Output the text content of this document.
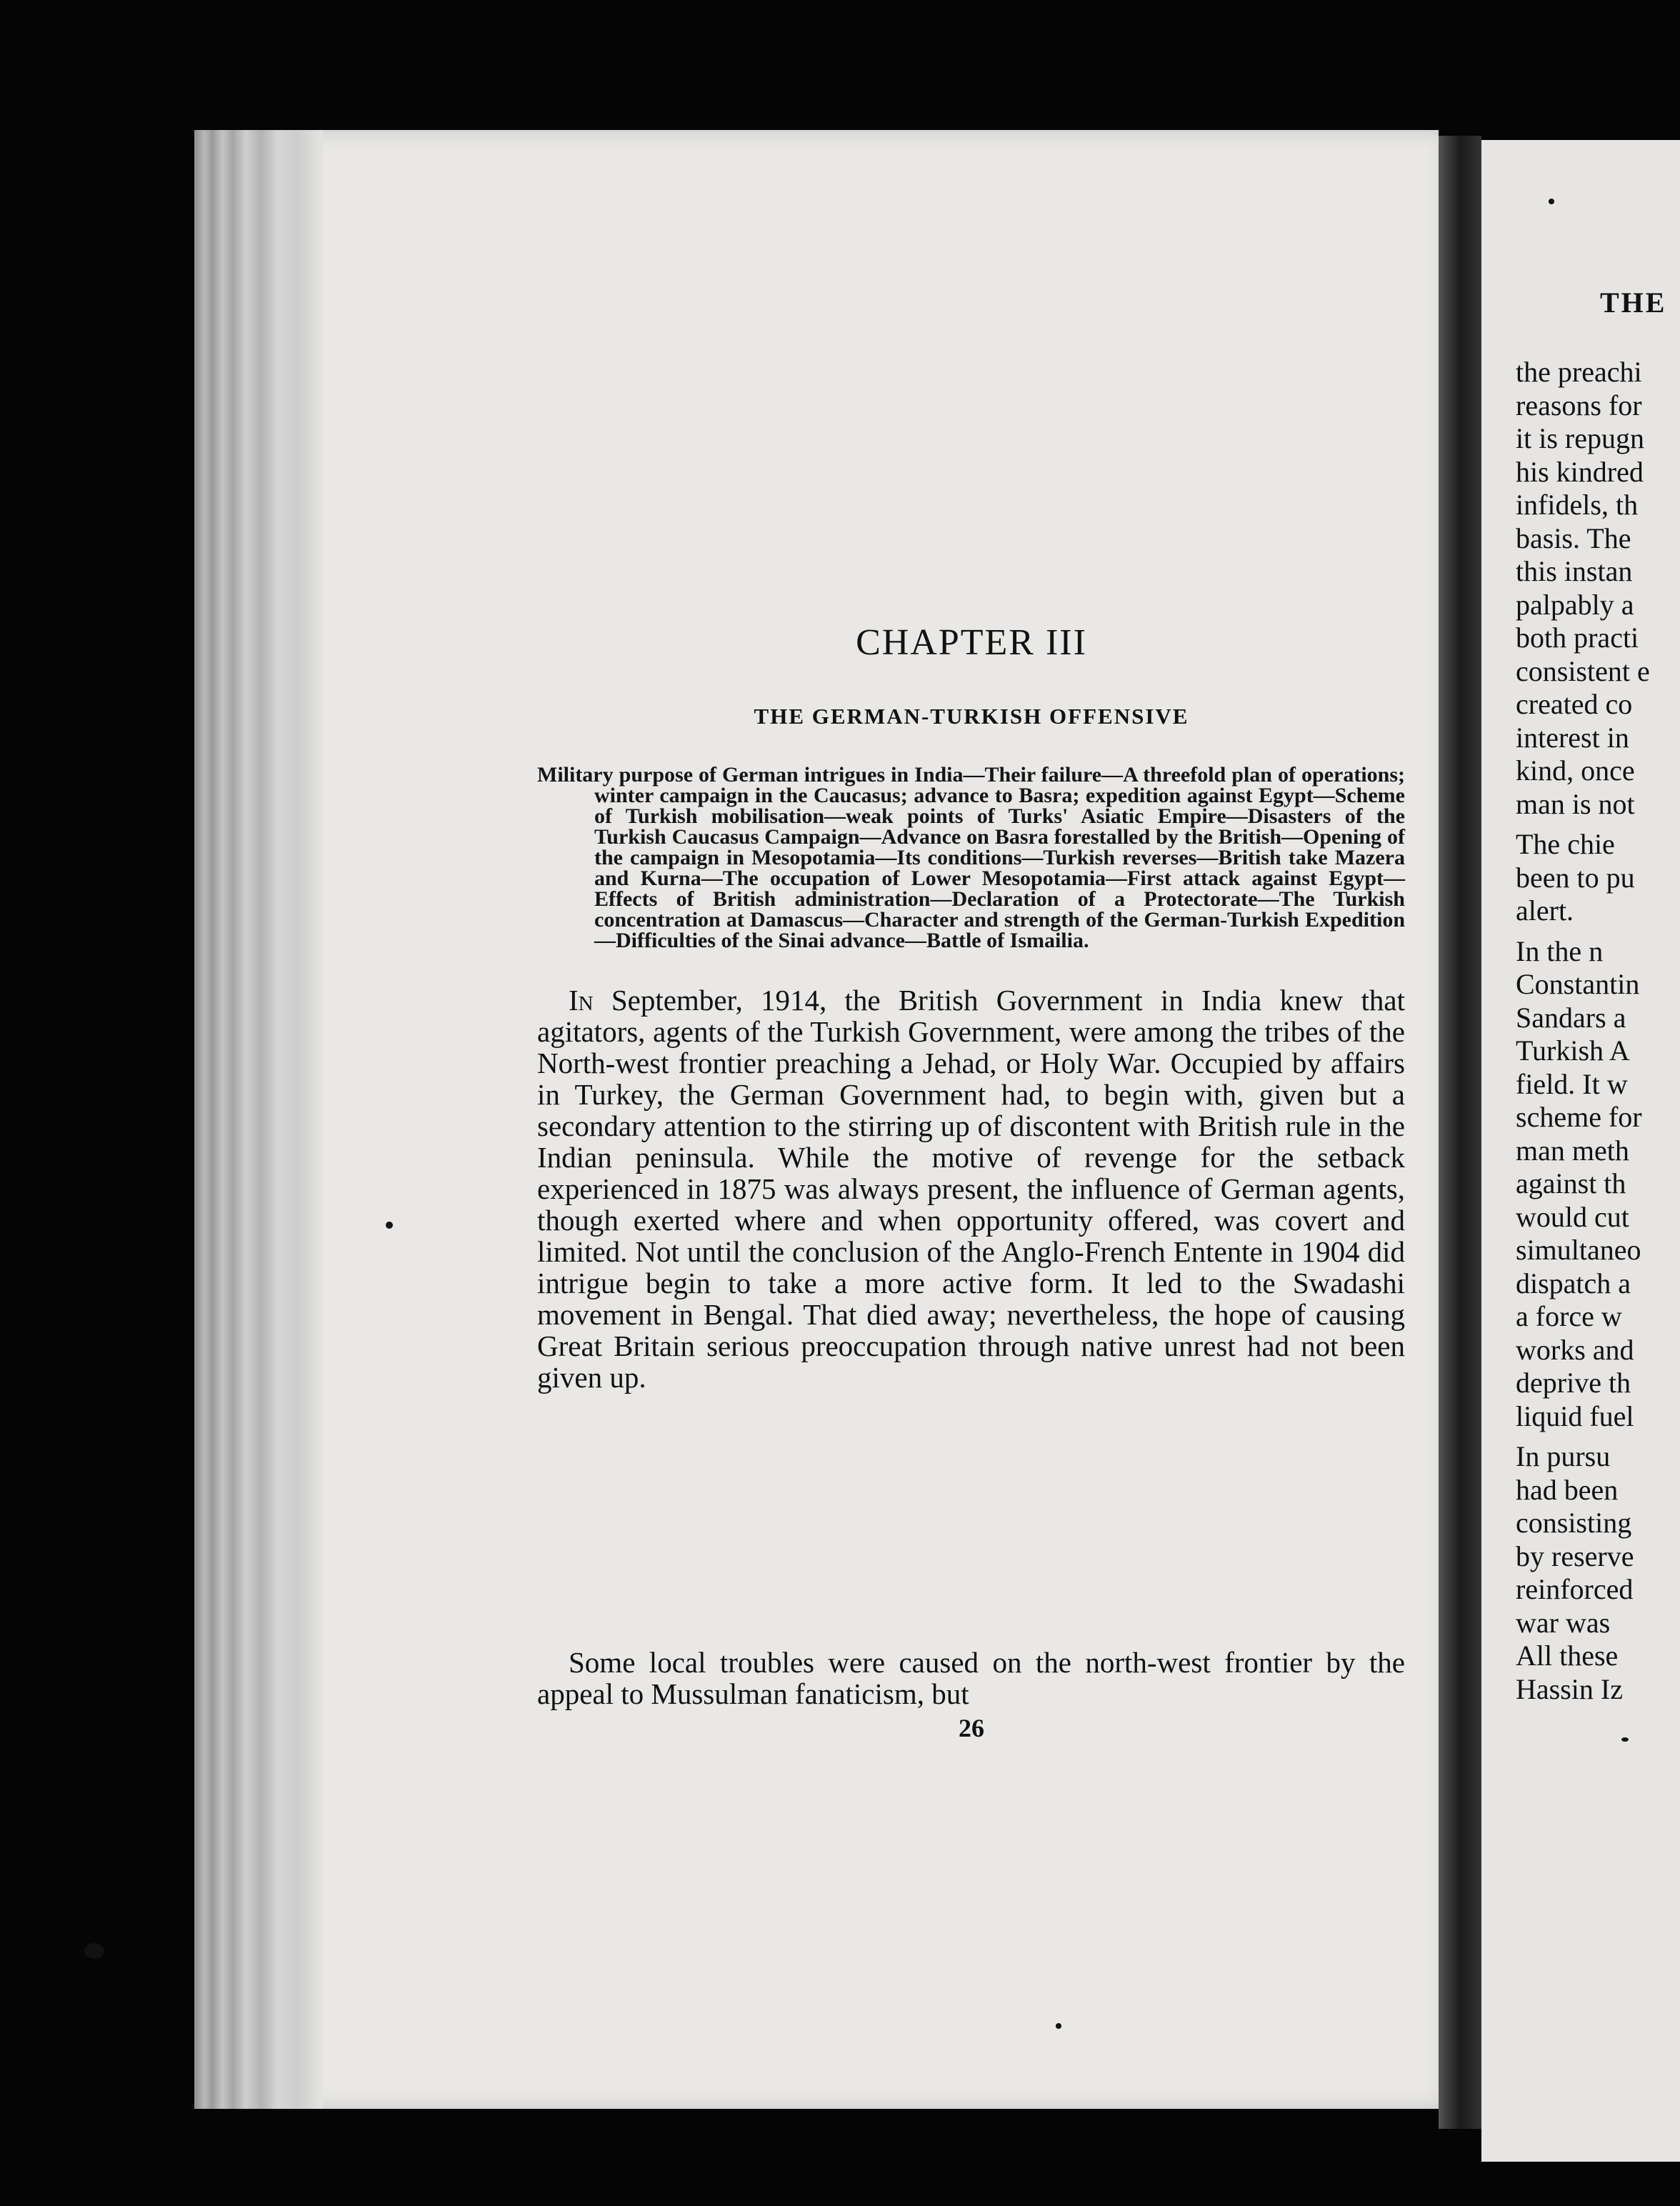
CHAPTER III
THE GERMAN-TURKISH OFFENSIVE
Military purpose of German intrigues in India—Their failure—A threefold plan of operations; winter campaign in the Caucasus; advance to Basra; expedition against Egypt—Scheme of Turkish mobilisation—weak points of Turks' Asiatic Empire—Disasters of the Turkish Caucasus Campaign—Advance on Basra forestalled by the British—Opening of the campaign in Mesopotamia—Its conditions—Turkish reverses—British take Mazera and Kurna—The occupation of Lower Mesopotamia—First attack against Egypt—Effects of British administration—Declaration of a Protectorate—The Turkish concentration at Damascus—Character and strength of the German-Turkish Expedition—Difficulties of the Sinai advance—Battle of Ismailia.
In September, 1914, the British Government in India knew that agitators, agents of the Turkish Government, were among the tribes of the North-west frontier preaching a Jehad, or Holy War. Occupied by affairs in Turkey, the German Government had, to begin with, given but a secondary attention to the stirring up of discontent with British rule in the Indian peninsula. While the motive of revenge for the setback experienced in 1875 was always present, the influence of German agents, though exerted where and when opportunity offered, was covert and limited. Not until the conclusion of the Anglo-French Entente in 1904 did intrigue begin to take a more active form. It led to the Swadashi movement in Bengal. That died away; nevertheless, the hope of causing Great Britain serious preoccupation through native unrest had not been given up.
Some local troubles were caused on the north-west frontier by the appeal to Mussulman fanaticism, but
26
THE
the preachi
reasons for
it is repugn
his kindred
infidels, th
basis. The
this instan
palpably a
both practi
consistent e
created co
interest in
kind, once
man is not
The chie
been to pu
alert.
In the n
Constantin
Sandars a
Turkish A
field. It w
scheme for
man meth
against th
would cut
simultaneo
dispatch a
a force w
works and
deprive th
liquid fuel
In pursu
had been
consisting
by reserve
reinforced
war was
All these
Hassin Iz
